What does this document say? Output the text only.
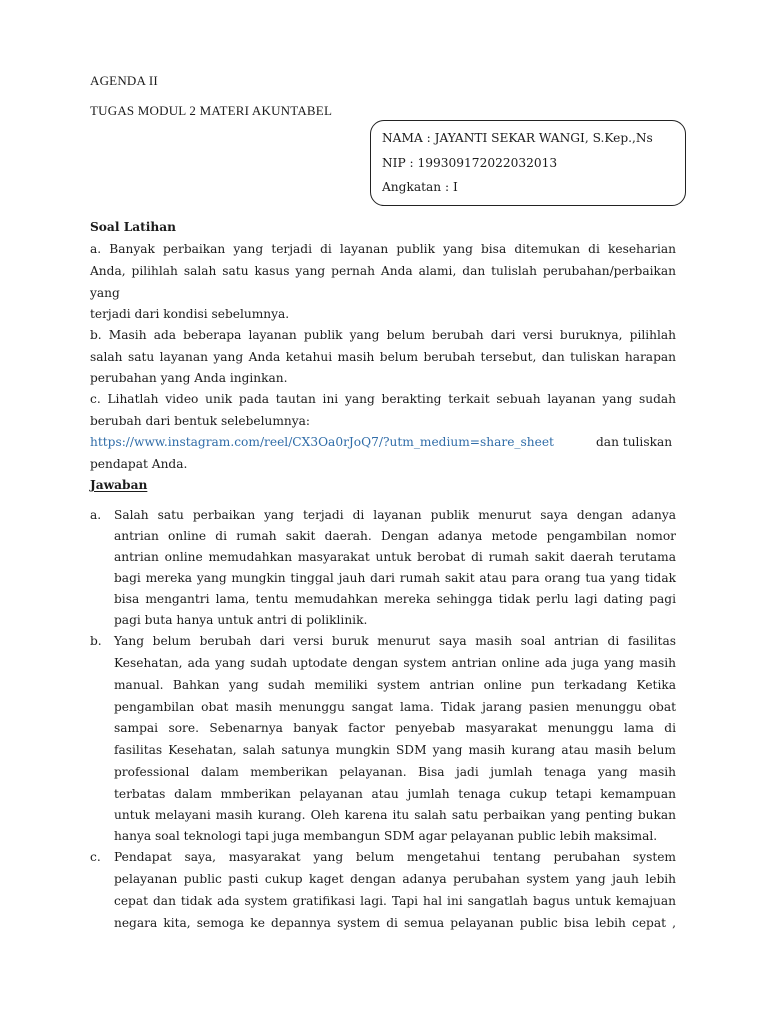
AGENDA II
TUGAS MODUL 2 MATERI AKUNTABEL
NAMA : JAYANTI SEKAR WANGI, S.Kep.,Ns
NIP : 199309172022032013
Angkatan : I
Soal Latihan
a. Banyak perbaikan yang terjadi di layanan publik yang bisa ditemukan di keseharian
Anda, pilihlah salah satu kasus yang pernah Anda alami, dan tulislah perubahan/perbaikan
yang
terjadi dari kondisi sebelumnya.
b. Masih ada beberapa layanan publik yang belum berubah dari versi buruknya, pilihlah
salah satu layanan yang Anda ketahui masih belum berubah tersebut, dan tuliskan harapan
perubahan yang Anda inginkan.
c. Lihatlah video unik pada tautan ini yang berakting terkait sebuah layanan yang sudah
berubah dari bentuk selebelumnya:
https://www.instagram.com/reel/CX3Oa0rJoQ7/?utm_medium=share_sheet	dan tuliskan
pendapat Anda.
Jawaban
a. Salah satu perbaikan yang terjadi di layanan publik menurut saya dengan adanya
antrian online di rumah sakit daerah. Dengan adanya metode pengambilan nomor
antrian online memudahkan masyarakat untuk berobat di rumah sakit daerah terutama
bagi mereka yang mungkin tinggal jauh dari rumah sakit atau para orang tua yang tidak
bisa mengantri lama, tentu memudahkan mereka sehingga tidak perlu lagi dating pagi
pagi buta hanya untuk antri di poliklinik.
b. Yang belum berubah dari versi buruk menurut saya masih soal antrian di fasilitas
Kesehatan, ada yang sudah uptodate dengan system antrian online ada juga yang masih
manual. Bahkan yang sudah memiliki system antrian online pun terkadang Ketika
pengambilan obat masih menunggu sangat lama. Tidak jarang pasien menunggu obat
sampai sore. Sebenarnya banyak factor penyebab masyarakat menunggu lama di
fasilitas Kesehatan, salah satunya mungkin SDM yang masih kurang atau masih belum
professional dalam memberikan pelayanan. Bisa jadi jumlah tenaga yang masih
terbatas dalam mmberikan pelayanan atau jumlah tenaga cukup tetapi kemampuan
untuk melayani masih kurang. Oleh karena itu salah satu perbaikan yang penting bukan
hanya soal teknologi tapi juga membangun SDM agar pelayanan public lebih maksimal.
c. Pendapat saya, masyarakat yang belum mengetahui tentang perubahan system
pelayanan public pasti cukup kaget dengan adanya perubahan system yang jauh lebih
cepat dan tidak ada system gratifikasi lagi. Tapi hal ini sangatlah bagus untuk kemajuan
negara kita, semoga ke depannya system di semua pelayanan public bisa lebih cepat ,
